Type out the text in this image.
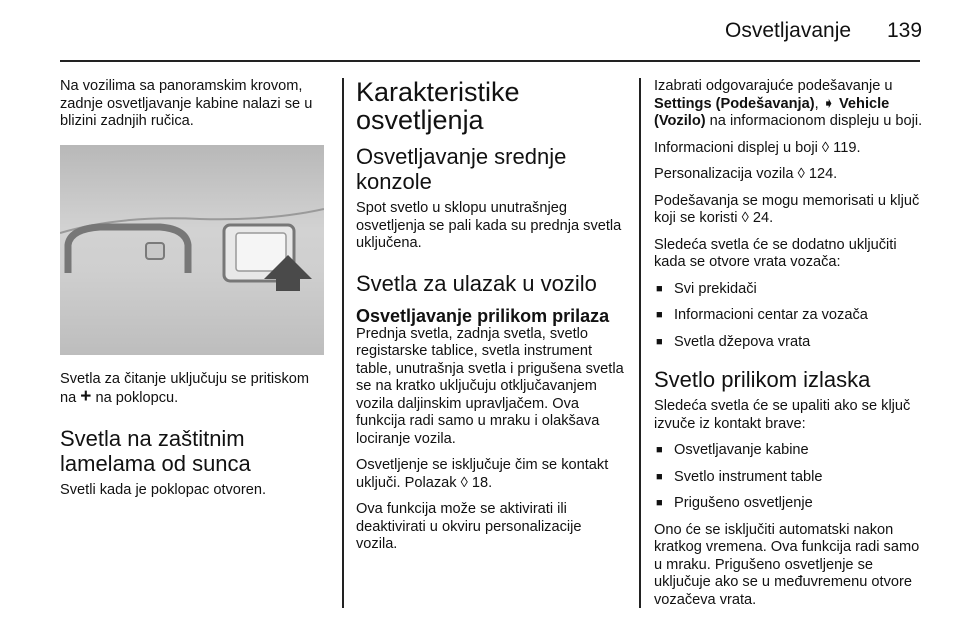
Osvetljavanje 139

Na vozilima sa panoramskim krovom, zadnje osvetljavanje kabine nalazi se u blizini zadnjih ručica.

Svetla za čitanje uključuju se pritiskom na + na poklopcu.

Svetla na zaštitnim lamelama od sunca

Svetli kada je poklopac otvoren.

Karakteristike osvetljenja
Osvetljavanje srednje konzole

Spot svetlo u sklopu unutrašnjeg osvetljenja se pali kada su prednja svetla uključena.

Svetla za ulazak u vozilo
Osvetljavanje prilikom prilaza

Prednja svetla, zadnja svetla, svetlo registarske tablice, svetla instrument table, unutrašnja svetla i prigušena svetla se na kratko uključuju otključavanjem vozila daljinskim upravljačem. Ova funkcija radi samo u mraku i olakšava lociranje vozila.

Osvetljenje se isključuje čim se kontakt uključi. Polazak ◊ 18.

Ova funkcija može se aktivirati ili deaktivirati u okviru personalizacije vozila.

Izabrati odgovarajuće podešavanje u Settings (Podešavanja), ➧ Vehicle (Vozilo) na informacionom displeju u boji.

Informacioni displej u boji ◊ 119.

Personalizacija vozila ◊ 124.

Podešavanja se mogu memorisati u ključ koji se koristi ◊ 24.

Sledeća svetla će se dodatno uključiti kada se otvore vrata vozača:

■ Svi prekidači
■ Informacioni centar za vozača
■ Svetla džepova vrata
Svetlo prilikom izlaska

Sledeća svetla će se upaliti ako se ključ izvuče iz kontakt brave:

■ Osvetljavanje kabine
■ Svetlo instrument table
■ Prigušeno osvetljenje

Ono će se isključiti automatski nakon kratkog vremena. Ova funkcija radi samo u mraku. Prigušeno osvetljenje se uključuje ako se u međuvremenu otvore vozačeva vrata.
